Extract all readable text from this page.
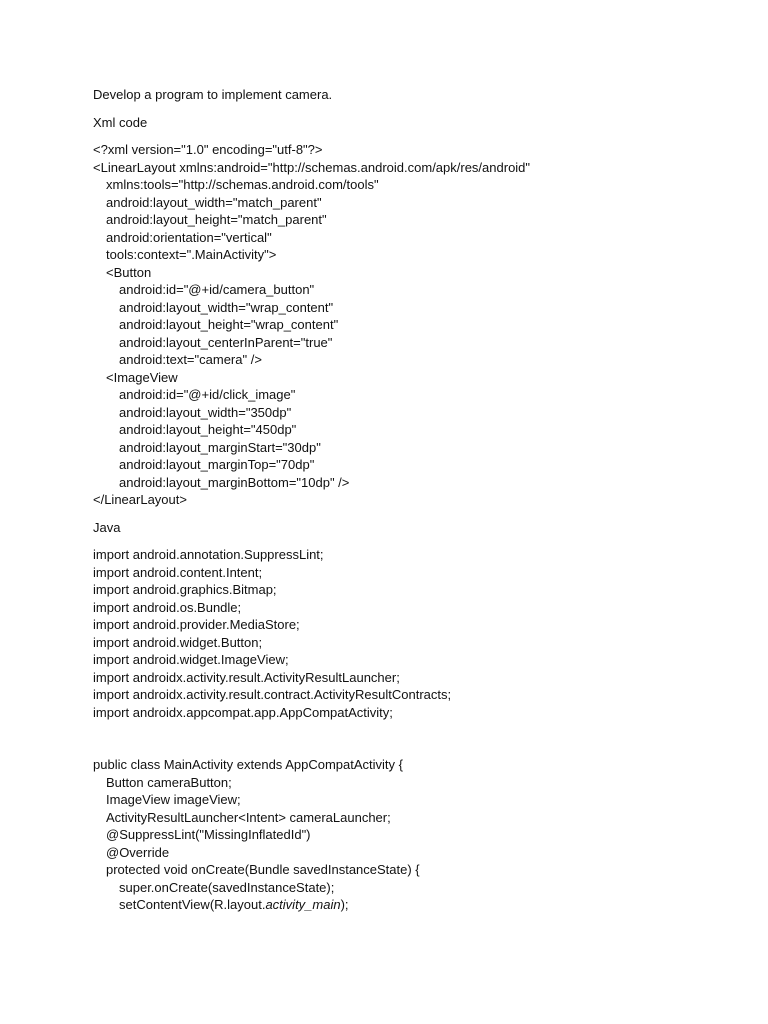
Develop a program to implement camera.

Xml code

<?xml version="1.0" encoding="utf-8"?>
<LinearLayout xmlns:android="http://schemas.android.com/apk/res/android"
xmlns:tools="http://schemas.android.com/tools"
android:layout_width="match_parent"
android:layout_height="match_parent"
android:orientation="vertical"
tools:context=".MainActivity">
<Button
android:id="@+id/camera_button"
android:layout_width="wrap_content"
android:layout_height="wrap_content"
android:layout_centerInParent="true"
android:text="camera" />
<ImageView
android:id="@+id/click_image"
android:layout_width="350dp"
android:layout_height="450dp"
android:layout_marginStart="30dp"
android:layout_marginTop="70dp"
android:layout_marginBottom="10dp" />
</LinearLayout>

Java

import android.annotation.SuppressLint;
import android.content.Intent;
import android.graphics.Bitmap;
import android.os.Bundle;
import android.provider.MediaStore;
import android.widget.Button;
import android.widget.ImageView;
import androidx.activity.result.ActivityResultLauncher;
import androidx.activity.result.contract.ActivityResultContracts;
import androidx.appcompat.app.AppCompatActivity;
public class MainActivity extends AppCompatActivity {
Button cameraButton;
ImageView imageView;
ActivityResultLauncher<Intent> cameraLauncher;
@SuppressLint("MissingInflatedId")
@Override
protected void onCreate(Bundle savedInstanceState) {
super.onCreate(savedInstanceState);
setContentView(R.layout.activity_main);
